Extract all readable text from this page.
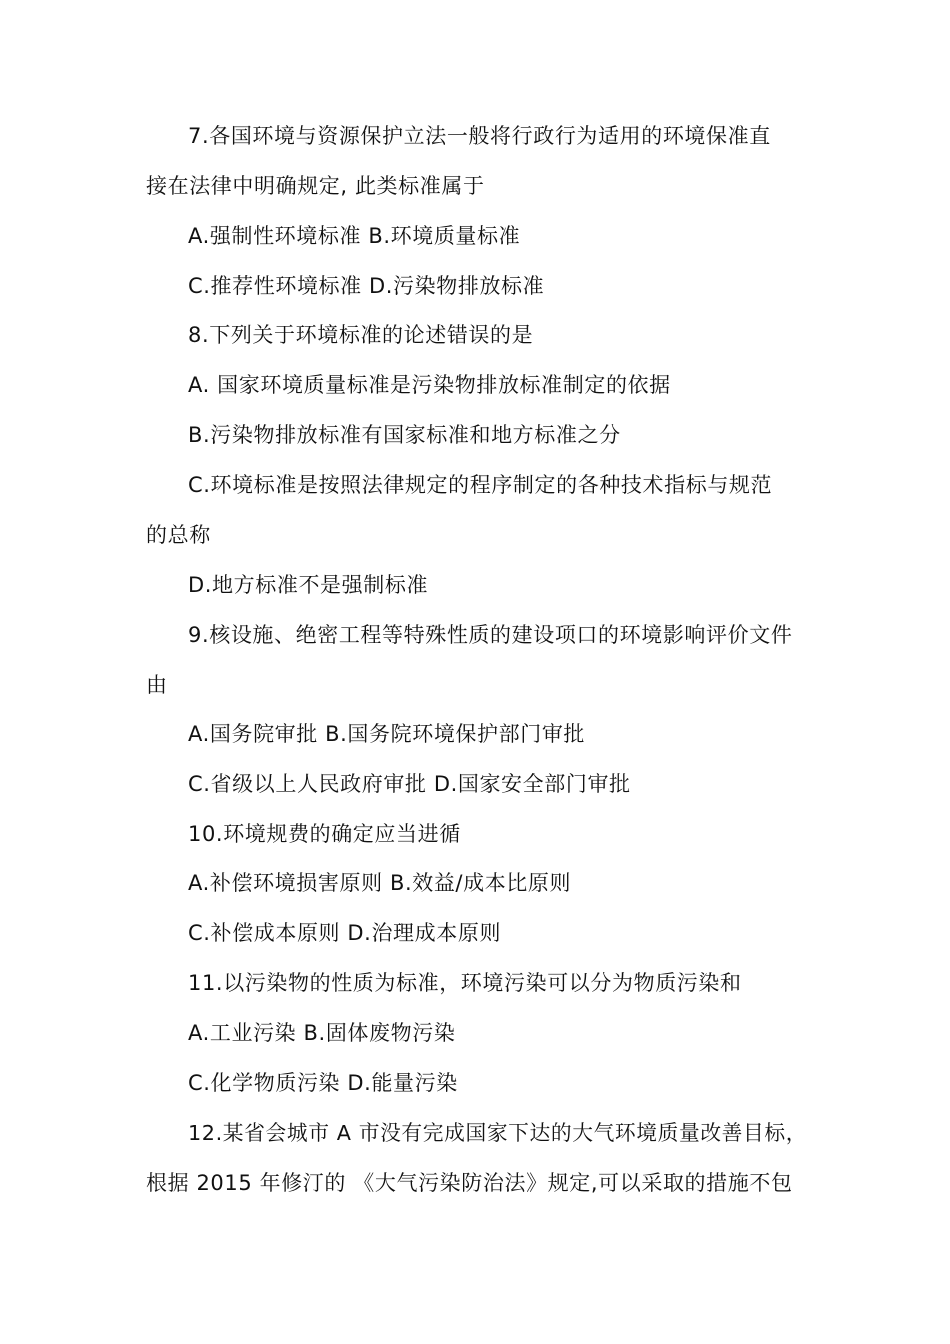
7.各国环境与资源保护立法一般将行政行为适用的环境保准直
接在法律中明确规定, 此类标准属于
A.强制性环境标准 B.环境质量标准
C.推荐性环境标准 D.污染物排放标准
8.下列关于环境标准的论述错误的是
A. 国家环境质量标准是污染物排放标准制定的依据
B.污染物排放标准有国家标准和地方标准之分
C.环境标准是按照法律规定的程序制定的各种技术指标与规范
的总称
D.地方标准不是强制标准
9.核设施、绝密工程等特殊性质的建设项口的环境影响评价文件
由
A.国务院审批 B.国务院环境保护部门审批
C.省级以上人民政府审批 D.国家安全部门审批
10.环境规费的确定应当进循
A.补偿环境损害原则 B.效益/成本比原则
C.补偿成本原则 D.治理成本原则
11.以污染物的性质为标准，环境污染可以分为物质污染和
A.工业污染 B.固体废物污染
C.化学物质污染 D.能量污染
12.某省会城市 A 市没有完成国家下达的大气环境质量改善目标，
根据 2015 年修汀的 《大气污染防治法》规定,可以采取的措施不包
